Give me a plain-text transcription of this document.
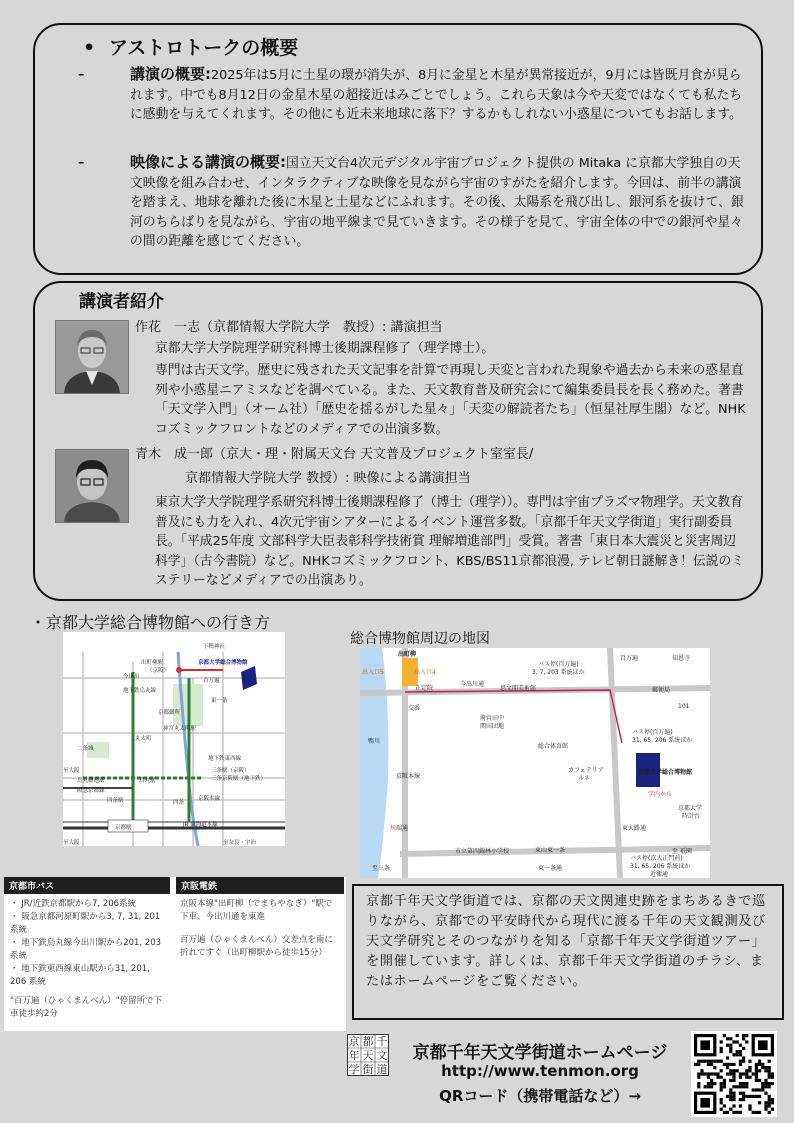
• アストロトークの概要
–	講演の概要:2025年は5月に土星の環が消失が、8月に金星と木星が異常接近が，9月には皆既月食が見られます。中でも8月12日の金星木星の超接近はみごとでしょう。これら天象は今や天変ではなくても私たちに感動を与えてくれます。その他にも近未来地球に落下？するかもしれない小惑星についてもお話します。
–	映像による講演の概要:国立天文台4次元デジタル宇宙プロジェクト提供の Mitaka に京都大学独自の天文映像を組み合わせ、インタラクティブな映像を見ながら宇宙のすがたを紹介します。今回は、前半の講演を踏まえ、地球を離れた後に木星と土星などにふれます。その後、太陽系を飛び出し、銀河系を抜けて、銀河のちらばりを見ながら、宇宙の地平線まで見ていきます。その様子を見て、宇宙全体の中での銀河や星々の間の距離を感じてください。
講演者紹介
作花　一志（京都情報大学院大学　教授）: 講演担当
京都大学大学院理学研究科博士後期課程修了（理学博士）。
専門は古天文学。歴史に残された天文記事を計算で再現し天変と言われた現象や過去から未来の惑星直列や小惑星ニアミスなどを調べている。また、天文教育普及研究会にて編集委員長を長く務めた。著書「天文学入門」（オーム社）「歴史を揺るがした星々」「天変の解読者たち」（恒星社厚生閣）など。NHKコズミックフロントなどのメディアでの出演多数。
青木　成一郎（京大・理・附属天文台 天文普及プロジェクト室室長/
京都情報大学院大学 教授）: 映像による講演担当
東京大学大学院理学系研究科博士後期課程修了（博士（理学））。専門は宇宙プラズマ物理学。天文教育普及にも力を入れ、4次元宇宙シアターによるイベント運営多数。「京都千年天文学街道」実行副委員長。「平成25年度 文部科学大臣表彰科学技術賞 理解増進部門」受賞。著書「東日本大震災と災害周辺科学」（古今書院）など。NHKコズミックフロント、KBS/BS11京都浪漫, テレビ朝日謎解き！伝説のミステリーなどメディアでの出演あり。
・京都大学総合博物館への行き方
総合博物館周辺の地図
下鴨神社
出町柳駅
（京阪）
京都大学総合博物館
百万遍
東一条
地下鉄烏丸線
京都御所
今出川
神宮丸太町駅
丸太町
二条城
烏丸御池駅
地下鉄東西線
三条駅（京阪）
三条京阪駅（地下鉄）
阪急京都線
烏丸駅
四条駅	四条
至大阪
京阪本線
JR 東海道本線
京都駅
至大阪	至奈良・宇治
出町柳
百万遍	知恩寺
出入口5	出入口4
バス停(百万遍)
3, 7, 203 系統ほか
正定院
今出川通
思文閣美術館	郵便局
交番
府営田中
関田団地
101
鴨川
京阪本線
総合体育館
バス停(百万遍)
31, 65, 206 系統ほか
カフェテリア
ルネ
京都大学総合博物館
学内から
京都大学
時計台
川端通	東大路通
東山東一条
市立第四錦林小学校
東一条通
至三条
バス停(京大正門前)
31, 65, 206 系統ほか
近衛通
至 祇園
京都市バス
・ JR/近鉄京都駅から7, 206系統
・ 阪急京都河原町駅から3, 7, 31, 201 系統
・ 地下鉄烏丸線今出川駅から201, 203 系統
・ 地下鉄東西線東山駅から31, 201, 206 系統
"百万遍（ひゃくまんべん）"停留所で下車徒歩約2分
京阪電鉄
京阪本線"出町柳（でまちやなぎ）"駅で下車、今出川通を東進
百万遍（ひゃくまんべん）交差点を南に折れてすぐ（出町柳駅から徒歩15分）
京都千年天文学街道では、京都の天文関連史跡をまちあるきで巡りながら、京都での平安時代から現代に渡る千年の天文観測及び天文学研究とそのつながりを知る「京都千年天文学街道ツアー」を開催しています。詳しくは、京都千年天文学街道のチラシ、またはホームページをご覧ください。
京 都 千
年 天 文
学 街 道
京都千年天文学街道ホームページ
http://www.tenmon.org
QRコード（携帯電話など）→
